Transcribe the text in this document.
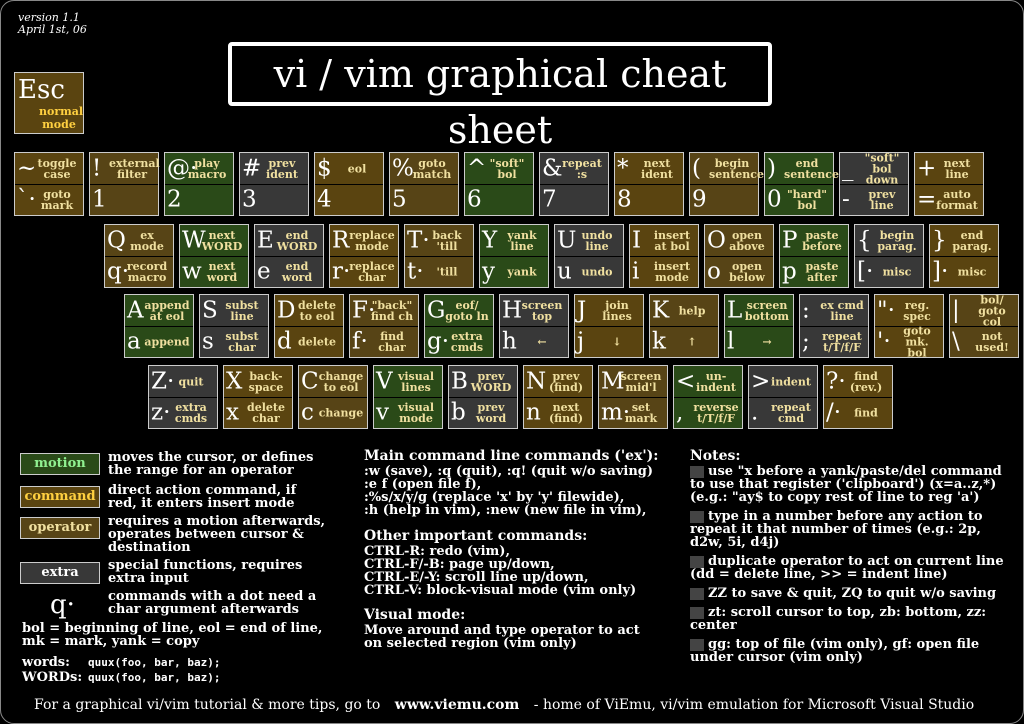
version 1.1
April 1st, 06
vi / vim graphical cheat sheet
Esc
normal mode
~ toggle case
`· goto mark
! external filter
1
@·
play macro
2
# prev ident
3
$	eol
4
% goto match
5
^ "soft" bol
6
& repeat :s
7
*	next ident
8
(	begin sentence
9
)	end sentence
0 "hard" bol
_	"soft" bol down
-	prev line
+ next line
= auto format
Q	ex mode
q·
record macro
W next WORD
w next word
E	end WORD
e	end word
R replace mode
r·
replace char
T· back 'till
t·	'till
Y yank line
y	yank
U undo line
u undo
I	insert at bol
i	insert mode
O open above
o	open below
P paste before
p paste after
{ begin parag.
[· misc
}	end parag.
]· misc
A append at eol
a append
S subst line
s	subst char
D delete to eol
d delete
F·
"back" find ch
f·	find char
G eof/ goto ln
g· extra cmds
H screen top
h	←
J	join lines
j	↓
K help
k	↑
L screen bottom
l	→
: ex cmd line
; repeat t/T/f/F
"· reg. spec
'·	goto mk. bol
|	bol/ goto col
\	not used!
Z· quit
z· extra cmds
X back- space
x delete char
C change to eol
c change
V visual lines
v visual mode
B prev WORD
b	prev word
N prev (find)
n	next (find)
M
screen mid'l
m· set mark
< un- indent
, reverse t/T/f/F
> indent
. repeat cmd
?· find (rev.)
/·	find
motion	moves the cursor, or defines the range for an operator
command direct action command, if red, it enters insert mode
operator	requires a motion afterwards, operates between cursor & destination
extra	special functions, requires extra input
q·	commands with a dot need a char argument afterwards
bol = beginning of line, eol = end of line, mk = mark, yank = copy
words: quux(foo, bar, baz);
WORDs: quux(foo, bar, baz);
Main command line commands ('ex'):
:w (save), :q (quit), :q! (quit w/o saving)
:e f (open file f),
:%s/x/y/g (replace 'x' by 'y' filewide),
:h (help in vim), :new (new file in vim),
Other important commands:
CTRL-R: redo (vim),
CTRL-F/-B: page up/down,
CTRL-E/-Y: scroll line up/down,
CTRL-V: block-visual mode (vim only)
Visual mode:
Move around and type operator to act
on selected region (vim only)
Notes:
use "x before a yank/paste/del command to use that register ('clipboard') (x=a..z,*) (e.g.: "ay$ to copy rest of line to reg 'a')
type in a number before any action to repeat it that number of times (e.g.: 2p, d2w, 5i, d4j)
duplicate operator to act on current line (dd = delete line, >> = indent line)
ZZ to save & quit, ZQ to quit w/o saving
zt: scroll cursor to top, zb: bottom, zz: center
gg: top of file (vim only), gf: open file under cursor (vim only)
For a graphical vi/vim tutorial & more tips, go to www.viemu.com - home of ViEmu, vi/vim emulation for Microsoft Visual Studio
